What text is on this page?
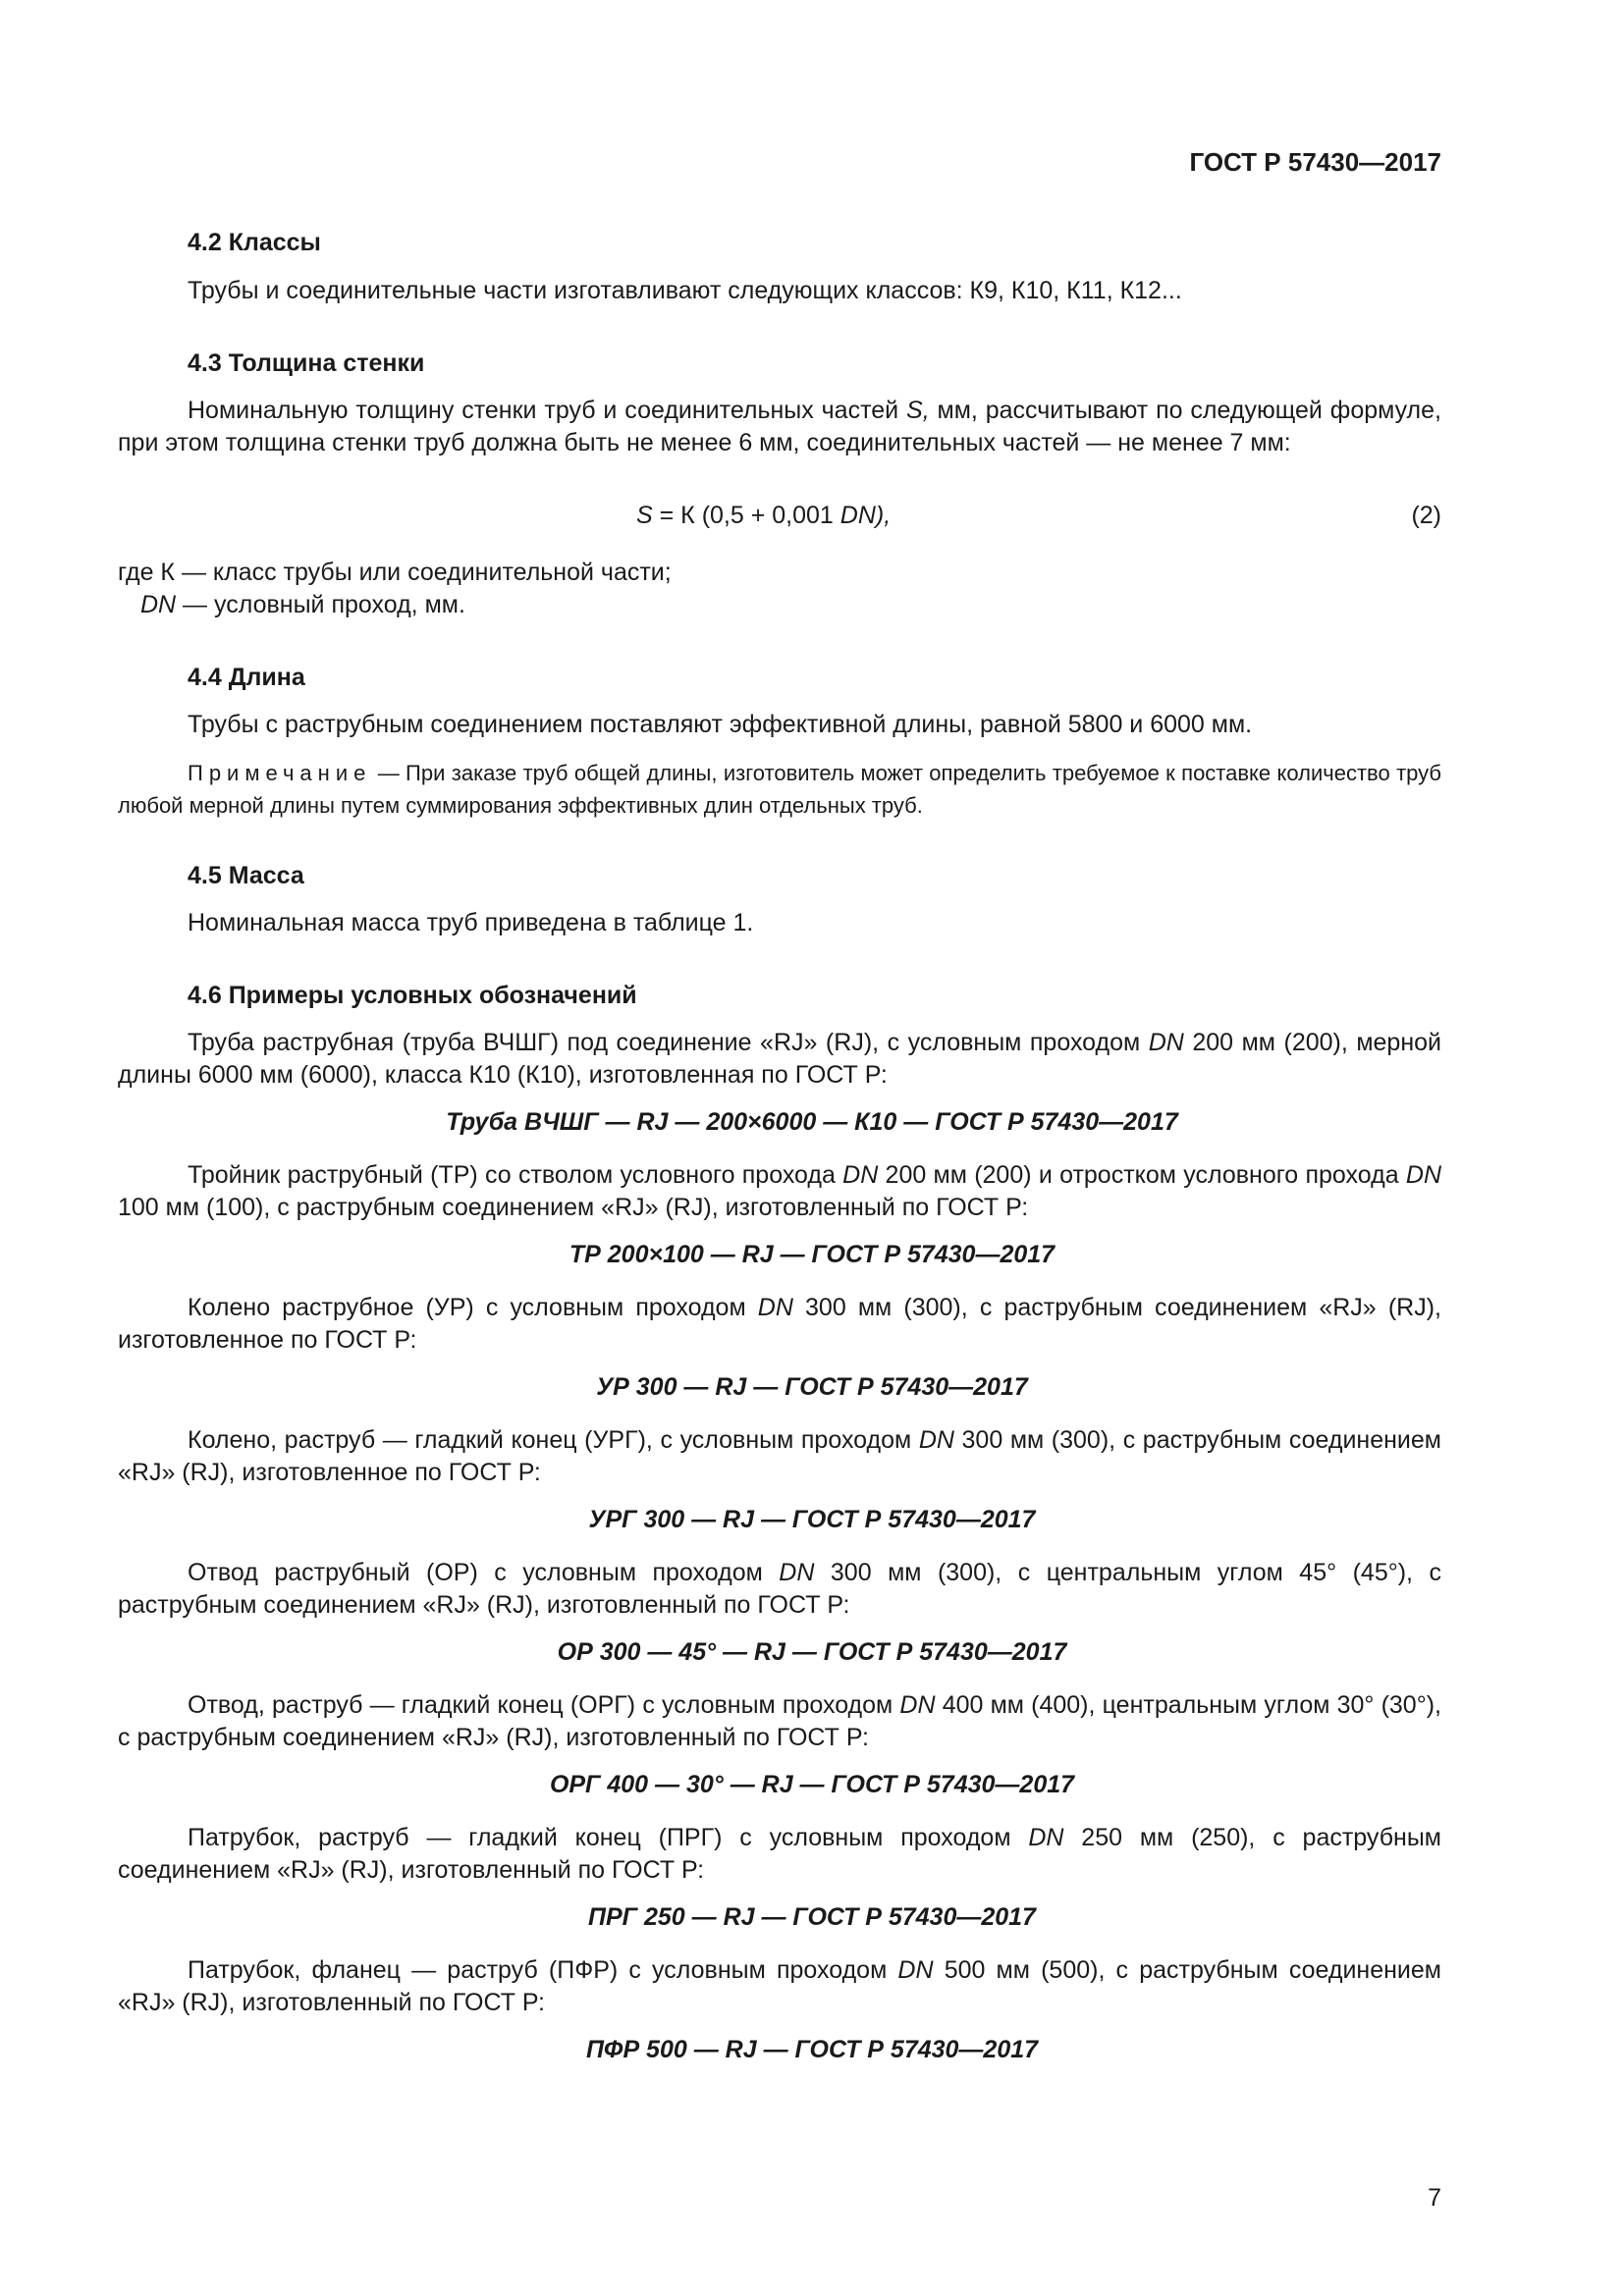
ГОСТ Р 57430—2017
4.2 Классы
Трубы и соединительные части изготавливают следующих классов: К9, К10, К11, К12...
4.3 Толщина стенки
Номинальную толщину стенки труб и соединительных частей S, мм, рассчитывают по следующей формуле, при этом толщина стенки труб должна быть не менее 6 мм, соединительных частей — не менее 7 мм:
S = К (0,5 + 0,001 DN),	(2)
где К — класс трубы или соединительной части;
DN — условный проход, мм.
4.4 Длина
Трубы с раструбным соединением поставляют эффективной длины, равной 5800 и 6000 мм.
Примечание — При заказе труб общей длины, изготовитель может определить требуемое к поставке количество труб любой мерной длины путем суммирования эффективных длин отдельных труб.
4.5 Масса
Номинальная масса труб приведена в таблице 1.
4.6 Примеры условных обозначений
Труба раструбная (труба ВЧШГ) под соединение «RJ» (RJ), с условным проходом DN 200 мм (200), мерной длины 6000 мм (6000), класса К10 (К10), изготовленная по ГОСТ Р:
Труба ВЧШГ — RJ — 200×6000 — К10 — ГОСТ Р 57430—2017
Тройник раструбный (ТР) со стволом условного прохода DN 200 мм (200) и отростком условного прохода DN 100 мм (100), с раструбным соединением «RJ» (RJ), изготовленный по ГОСТ Р:
ТР 200×100 — RJ — ГОСТ Р 57430—2017
Колено раструбное (УР) с условным проходом DN 300 мм (300), с раструбным соединением «RJ» (RJ), изготовленное по ГОСТ Р:
УР 300 — RJ — ГОСТ Р 57430—2017
Колено, раструб — гладкий конец (УРГ), с условным проходом DN 300 мм (300), с раструбным соединением «RJ» (RJ), изготовленное по ГОСТ Р:
УРГ 300 — RJ — ГОСТ Р 57430—2017
Отвод раструбный (ОР) с условным проходом DN 300 мм (300), с центральным углом 45° (45°), с раструбным соединением «RJ» (RJ), изготовленный по ГОСТ Р:
ОР 300 — 45° — RJ — ГОСТ Р 57430—2017
Отвод, раструб — гладкий конец (ОРГ) с условным проходом DN 400 мм (400), центральным углом 30° (30°), с раструбным соединением «RJ» (RJ), изготовленный по ГОСТ Р:
ОРГ 400 — 30° — RJ — ГОСТ Р 57430—2017
Патрубок, раструб — гладкий конец (ПРГ) с условным проходом DN 250 мм (250), с раструбным соединением «RJ» (RJ), изготовленный по ГОСТ Р:
ПРГ 250 — RJ — ГОСТ Р 57430—2017
Патрубок, фланец — раструб (ПФР) с условным проходом DN 500 мм (500), с раструбным соединением «RJ» (RJ), изготовленный по ГОСТ Р:
ПФР 500 — RJ — ГОСТ Р 57430—2017
7
